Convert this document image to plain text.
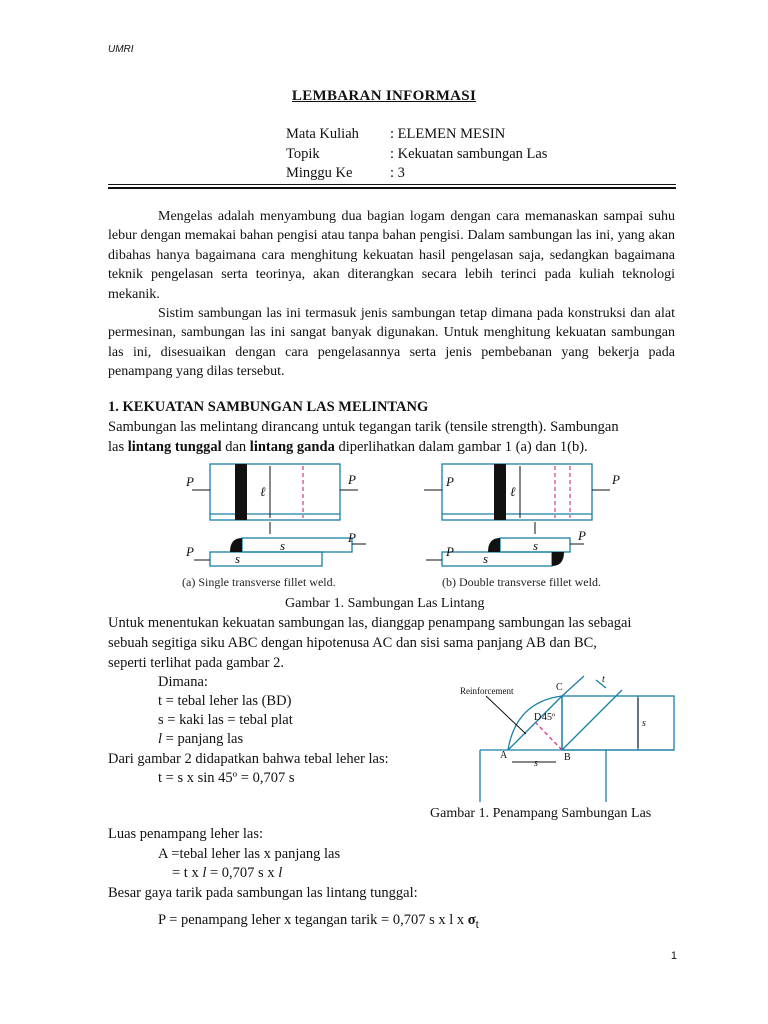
UMRI
LEMBARAN INFORMASI
Mata Kuliah : ELEMEN MESIN
Topik	: Kekuatan sambungan Las
Minggu Ke	: 3

Mengelas adalah menyambung dua bagian logam dengan cara memanaskan sampai suhu lebur dengan memakai bahan pengisi atau tanpa bahan pengisi. Dalam sambungan las ini, yang akan dibahas hanya bagaimana cara menghitung kekuatan hasil pengelasan saja, sedangkan bagaimana teknik pengelasan serta teorinya, akan diterangkan secara lebih terinci pada kuliah teknologi mekanik.

Sistim sambungan las ini termasuk jenis sambungan tetap dimana pada konstruksi dan alat permesinan, sambungan las ini sangat banyak digunakan. Untuk menghitung kekuatan sambungan las ini, disesuaikan dengan cara pengelasannya serta jenis pembebanan yang bekerja pada penampang yang dilas tersebut.

1. KEKUATAN SAMBUNGAN LAS MELINTANG
Sambungan las melintang dirancang untuk tegangan tarik (tensile strength). Sambungan
las lintang tunggal dan lintang ganda diperlihatkan dalam gambar 1 (a) dan 1(b).
P	P
P
P
P	P
P
P
ℓ	ℓ
s
s
s
s
(a) Single transverse fillet weld.	(b) Double transverse fillet weld.
Gambar 1. Sambungan Las Lintang
Untuk menentukan kekuatan sambungan las, dianggap penampang sambungan las sebagai
sebuah segitiga siku ABC dengan hipotenusa AC dan sisi sama panjang AB dan BC,
seperti terlihat pada gambar 2.
Dimana:
t = tebal leher las (BD)
s = kaki las = tebal plat
l = panjang las
Dari gambar 2 didapatkan bahwa tebal leher las:
t = s x sin 45º = 0,707 s
Reinforcement
A	B
C
D 45º
t
s
s
Gambar 1. Penampang Sambungan Las
Luas penampang leher las:
A =tebal leher las x panjang las
= t x l = 0,707 s x l
Besar gaya tarik pada sambungan las lintang tunggal:
P = penampang leher x tegangan tarik = 0,707 s x l x $\sigma_t$
1
